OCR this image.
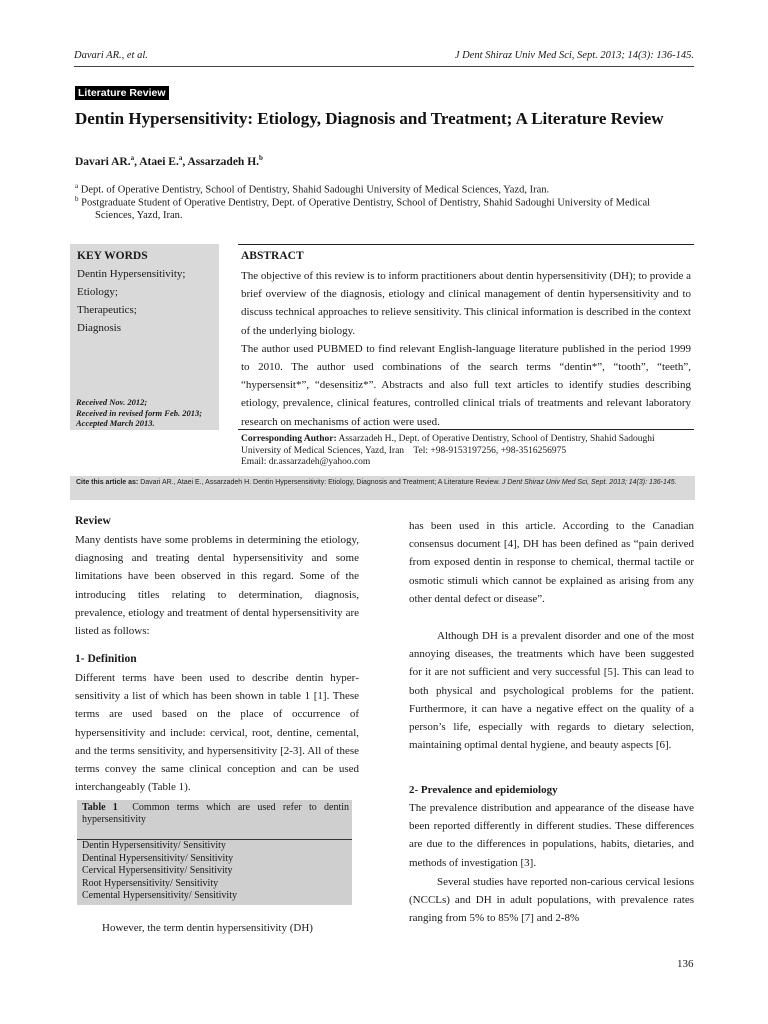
Davari AR., et al.	J Dent Shiraz Univ Med Sci, Sept. 2013; 14(3): 136-145.
Literature Review
Dentin Hypersensitivity: Etiology, Diagnosis and Treatment; A Literature Review
Davari AR.$^a$, Ataei E.$^a$, Assarzadeh H.$^b$
$^a$ Dept. of Operative Dentistry, School of Dentistry, Shahid Sadoughi University of Medical Sciences, Yazd, Iran.
$^b$ Postgraduate Student of Operative Dentistry, Dept. of Operative Dentistry, School of Dentistry, Shahid Sadoughi University of Medical
Sciences, Yazd, Iran.
KEY WORDS
Dentin Hypersensitivity;
Etiology;
Therapeutics;
Diagnosis
Received Nov. 2012;
Received in revised form Feb. 2013;
Accepted March 2013.
ABSTRACT
The objective of this review is to inform practitioners about dentin hypersensitivity (DH); to provide a brief overview of the diagnosis, etiology and clinical management of dentin hypersensitivity and to discuss technical approaches to relieve sensitivity. This clinical information is described in the context of the underlying biology.
The author used PUBMED to find relevant English-language literature published in the period 1999 to 2010. The author used combinations of the search terms “dentin*”, “tooth”, “teeth”, “hypersensit*”, “desensitiz*”. Abstracts and also full text articles to identify studies describing etiology, prevalence, clinical features, controlled clinical trials of treatments and relevant laboratory research on mechanisms of action were used.
Corresponding Author: Assarzadeh H., Dept. of Operative Dentistry, School of Dentistry, Shahid Sadoughi
University of Medical Sciences, Yazd, Iran    Tel: +98-9153197256, +98-3516256975
Email: dr.assarzadeh@yahoo.com
Cite this article as: Davari AR., Ataei E., Assarzadeh H. Dentin Hypersensitivity: Etiology, Diagnosis and Treatment; A Literature Review. J Dent Shiraz Univ Med Sci, Sept. 2013; 14(3): 136-145.
Review
Many dentists have some problems in determining the etiology, diagnosing and treating dental hypersensitivity and some limitations have been observed in this regard. Some of the introducing titles relating to determination, diagnosis, prevalence, etiology and treatment of dental hypersensitivity are listed as follows:
1- Definition
Different terms have been used to describe dentin hypersensitivity a list of which has been shown in table 1 [1]. These terms are used based on the place of occurrence of hypersensitivity and include: cervical, root, dentine, cemental, and the terms sensitivity, and hypersensitivity [2-3]. All of these terms convey the same clinical conception and can be used interchangeably (Table 1).
Table 1 Common terms which are used refer to dentin hypersensitivity
Dentin Hypersensitivity/ Sensitivity
Dentinal Hypersensitivity/ Sensitivity
Cervical Hypersensitivity/ Sensitivity
Root Hypersensitivity/ Sensitivity
Cemental Hypersensitivity/ Sensitivity
However, the term dentin hypersensitivity (DH)
has been used in this article. According to the Canadian consensus document [4], DH has been defined as “pain derived from exposed dentin in response to chemical, thermal tactile or osmotic stimuli which cannot be explained as arising from any other dental defect or disease”.
Although DH is a prevalent disorder and one of the most annoying diseases, the treatments which have been suggested for it are not sufficient and very successful [5]. This can lead to both physical and psychological problems for the patient. Furthermore, it can have a negative effect on the quality of a person’s life, especially with regards to dietary selection, maintaining optimal dental hygiene, and beauty aspects [6].
2- Prevalence and epidemiology
The prevalence distribution and appearance of the disease have been reported differently in different studies. These differences are due to the differences in populations, habits, dietaries, and methods of investigation [3].
Several studies have reported non-carious cervical lesions (NCCLs) and DH in adult populations, with prevalence rates ranging from 5% to 85% [7] and 2-8%
136
